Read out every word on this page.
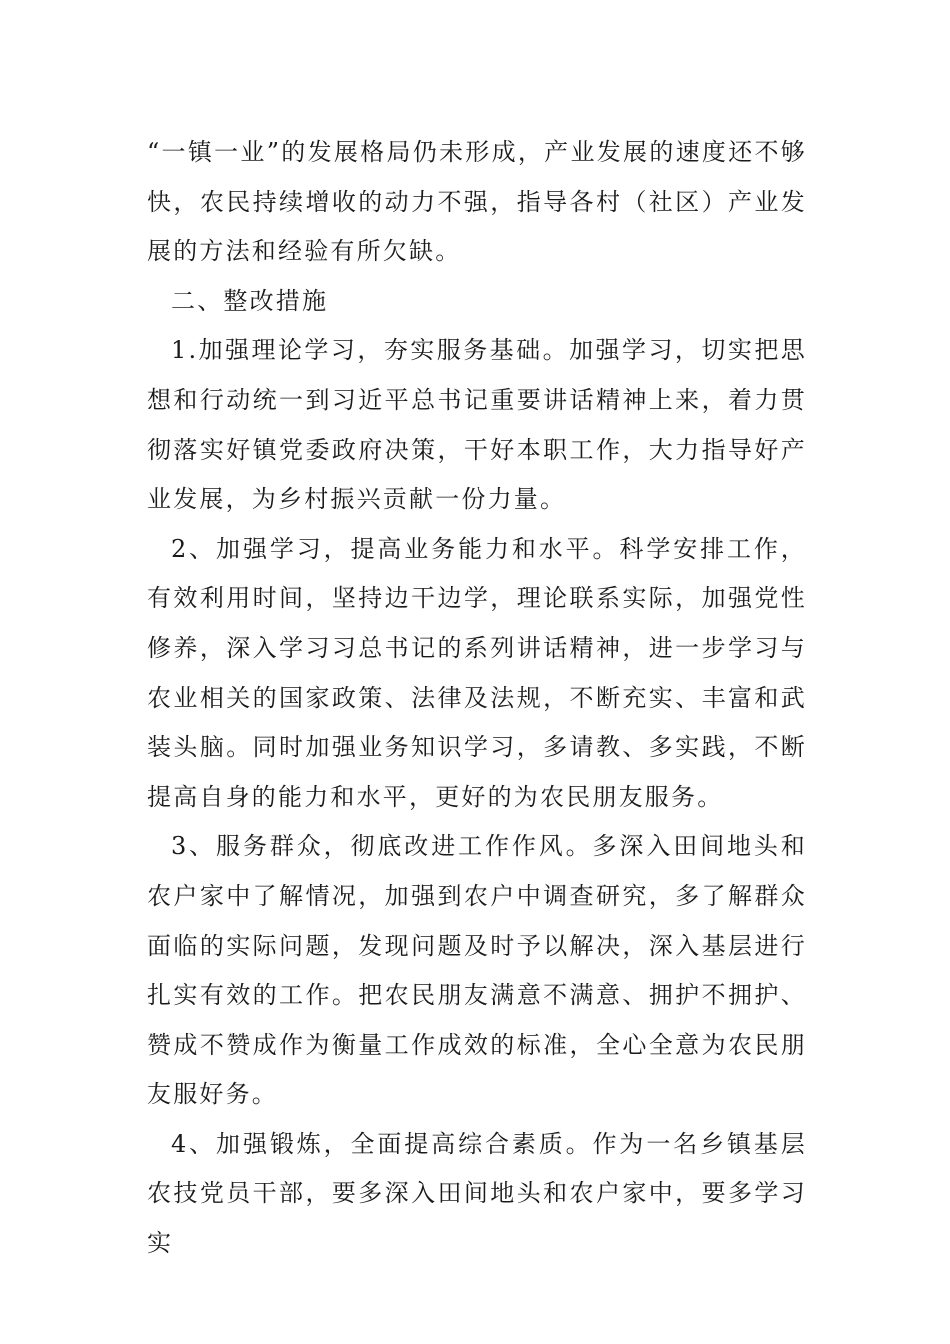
“一镇一业”的发展格局仍未形成，产业发展的速度还不够快，农民持续增收的动力不强，指导各村（社区）产业发展的方法和经验有所欠缺。

二、整改措施

1.加强理论学习，夯实服务基础。加强学习，切实把思想和行动统一到习近平总书记重要讲话精神上来，着力贯彻落实好镇党委政府决策，干好本职工作，大力指导好产业发展，为乡村振兴贡献一份力量。

2、加强学习，提高业务能力和水平。科学安排工作，有效利用时间，坚持边干边学，理论联系实际，加强党性修养，深入学习习总书记的系列讲话精神，进一步学习与农业相关的国家政策、法律及法规，不断充实、丰富和武装头脑。同时加强业务知识学习，多请教、多实践，不断提高自身的能力和水平，更好的为农民朋友服务。

3、服务群众，彻底改进工作作风。多深入田间地头和农户家中了解情况，加强到农户中调查研究，多了解群众面临的实际问题，发现问题及时予以解决，深入基层进行扎实有效的工作。把农民朋友满意不满意、拥护不拥护、赞成不赞成作为衡量工作成效的标准，全心全意为农民朋友服好务。

4、加强锻炼，全面提高综合素质。作为一名乡镇基层农技党员干部，要多深入田间地头和农户家中，要多学习实
